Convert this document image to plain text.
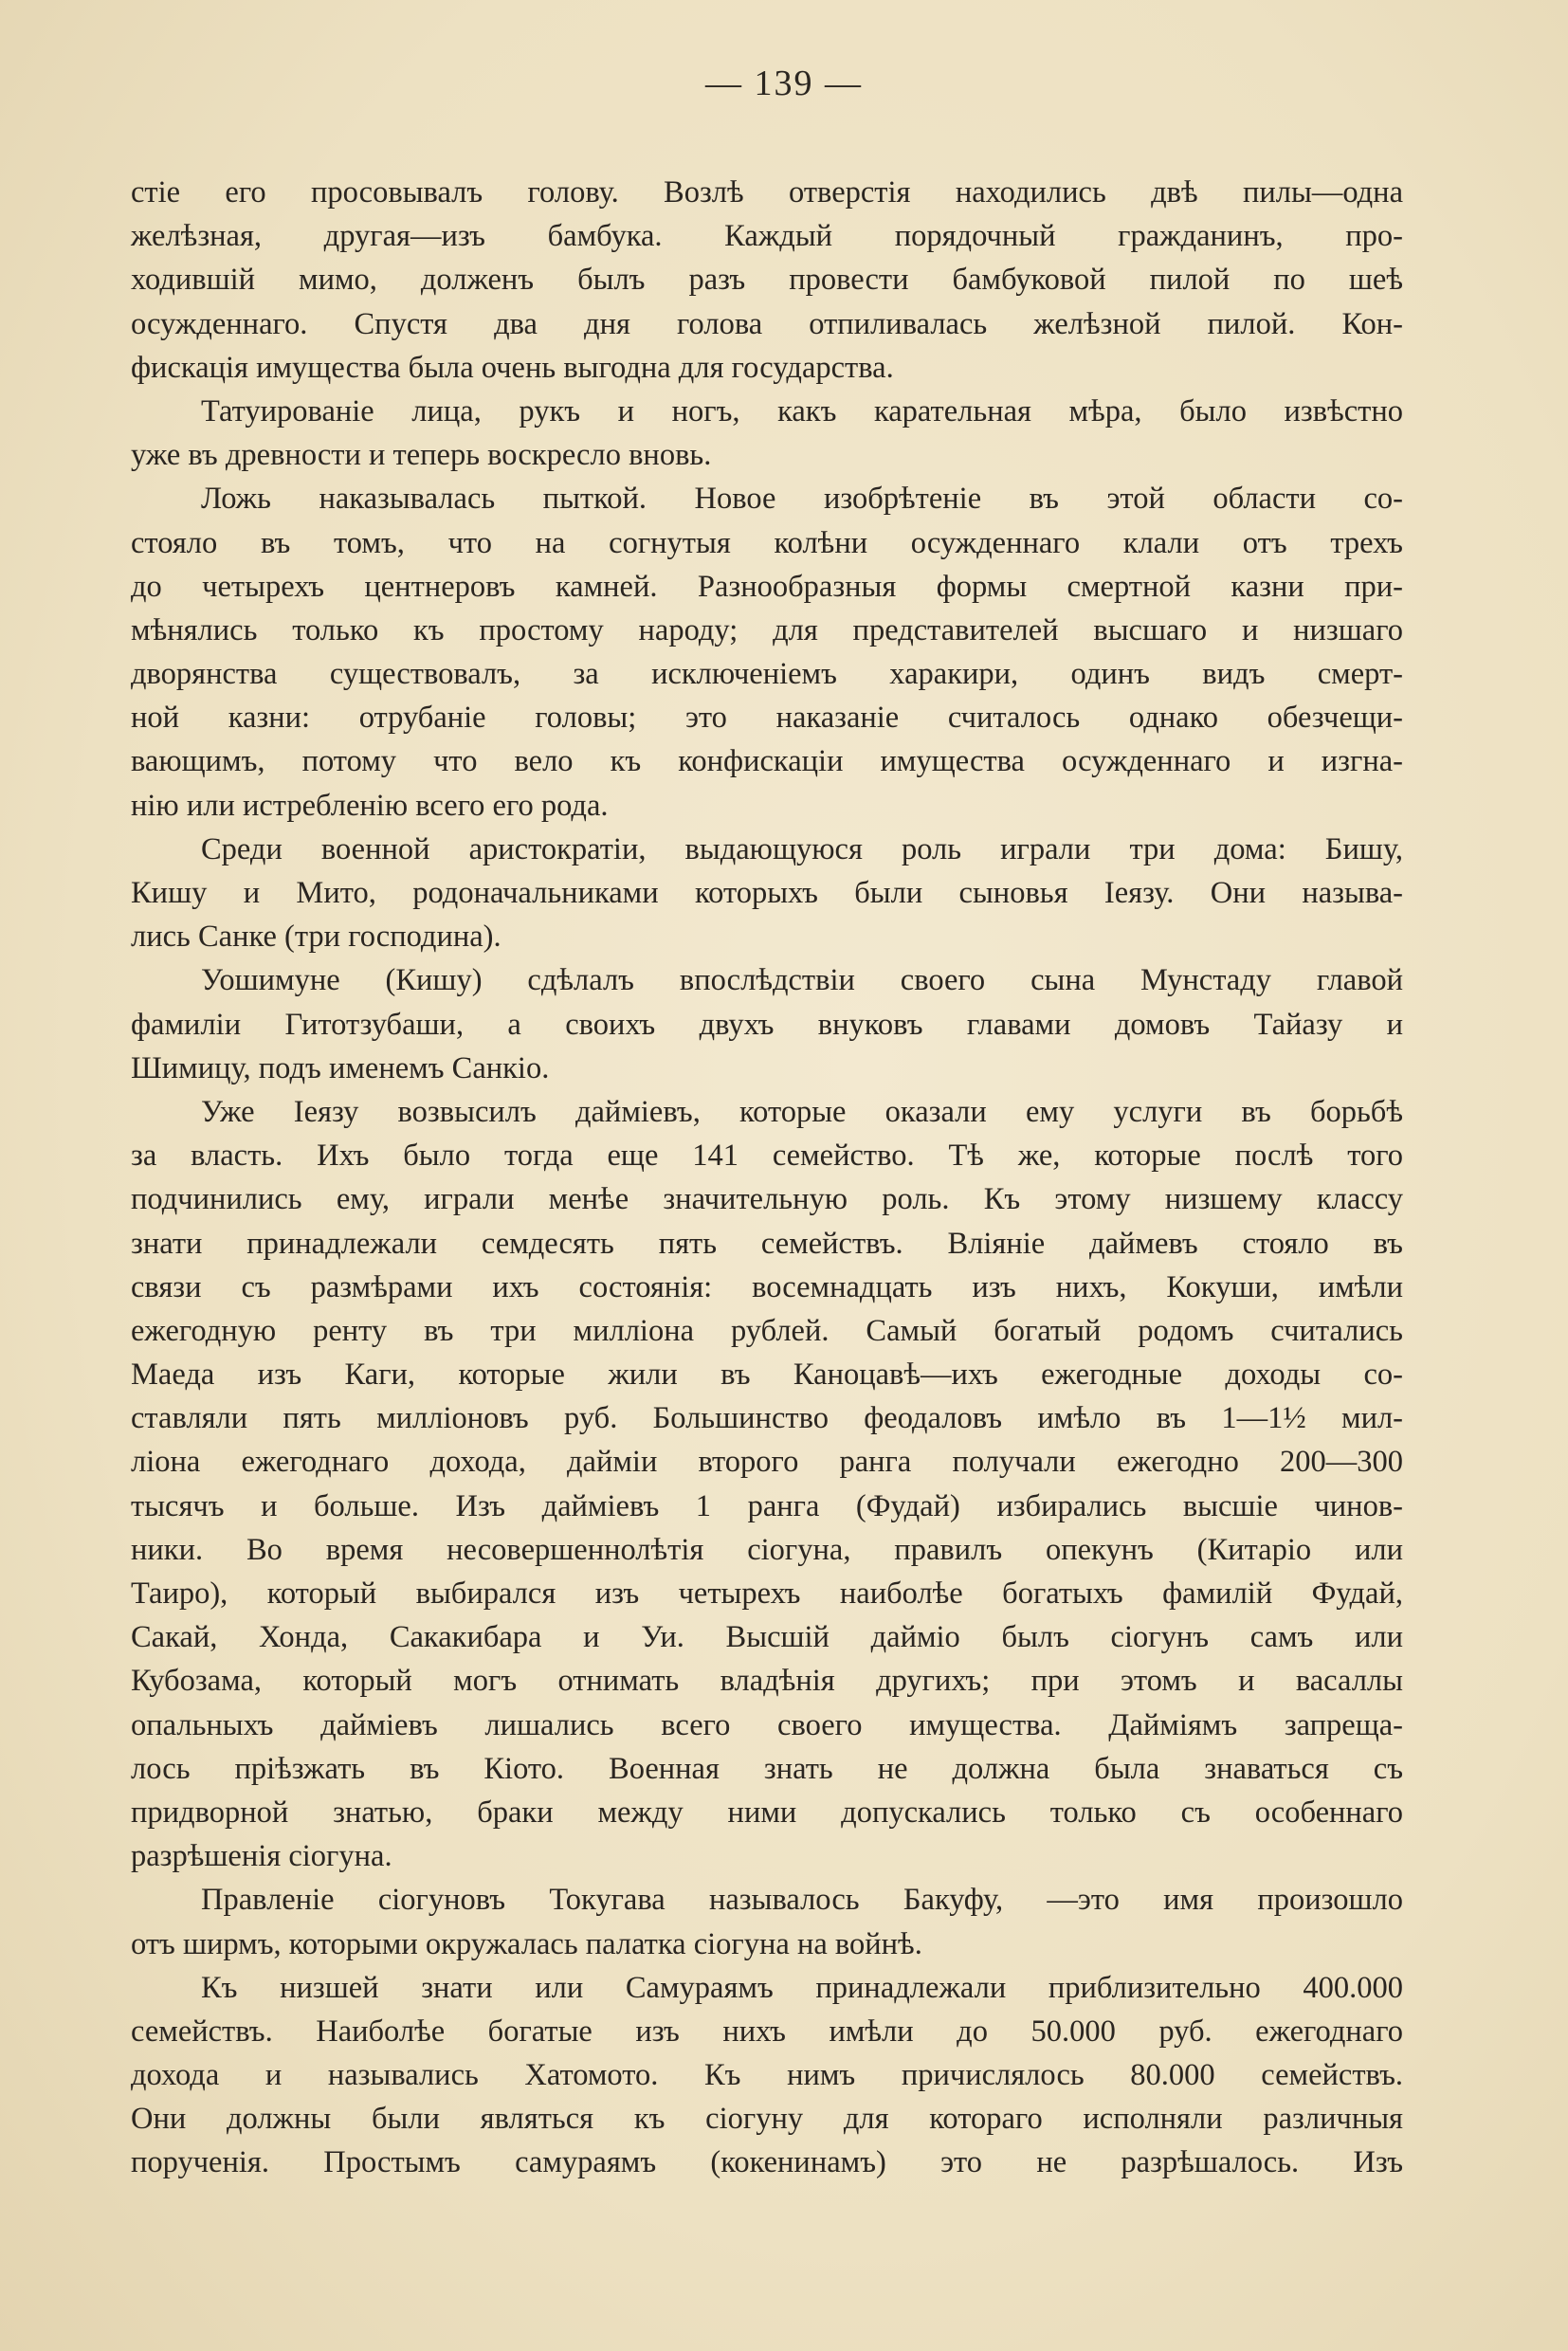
— 139 —
стіе его просовывалъ голову. Возлѣ отверстія находились двѣ пилы—одна
желѣзная, другая—изъ бамбука. Каждый порядочный гражданинъ, про-
ходившій мимо, долженъ былъ разъ провести бамбуковой пилой по шеѣ
осужденнаго. Спустя два дня голова отпиливалась желѣзной пилой. Кон-
фискація имущества была очень выгодна для государства.
Татуированіе лица, рукъ и ногъ, какъ карательная мѣра, было извѣстно
уже въ древности и теперь воскресло вновь.
Ложь наказывалась пыткой. Новое изобрѣтеніе въ этой области со-
стояло въ томъ, что на согнутыя колѣни осужденнаго клали отъ трехъ
до четырехъ центнеровъ камней. Разнообразныя формы смертной казни при-
мѣнялись только къ простому народу; для представителей высшаго и низшаго
дворянства существовалъ, за исключеніемъ харакири, одинъ видъ смерт-
ной казни: отрубаніе головы; это наказаніе считалось однако обезчещи-
вающимъ, потому что вело къ конфискаціи имущества осужденнаго и изгна-
нію или истребленію всего его рода.
Среди военной аристократіи, выдающуюся роль играли три дома: Бишу,
Кишу и Мито, родоначальниками которыхъ были сыновья Іеязу. Они называ-
лись Санке (три господина).
Уошимуне (Кишу) сдѣлалъ впослѣдствіи своего сына Мунстаду главой
фамиліи Гитотзубаши, а своихъ двухъ внуковъ главами домовъ Тайазу и
Шимицу, подъ именемъ Санкіо.
Уже Іеязу возвысилъ дайміевъ, которые оказали ему услуги въ борьбѣ
за власть. Ихъ было тогда еще 141 семейство. Тѣ же, которые послѣ того
подчинились ему, играли менѣе значительную роль. Къ этому низшему классу
знати принадлежали семдесять пять семействъ. Вліяніе даймевъ стояло въ
связи съ размѣрами ихъ состоянія: восемнадцать изъ нихъ, Кокуши, имѣли
ежегодную ренту въ три милліона рублей. Самый богатый родомъ считались
Маеда изъ Каги, которые жили въ Каноцавѣ—ихъ ежегодные доходы со-
ставляли пять милліоновъ руб. Большинство феодаловъ имѣло въ 1—1½ мил-
ліона ежегоднаго дохода, дайміи второго ранга получали ежегодно 200—300
тысячъ и больше. Изъ дайміевъ 1 ранга (Фудай) избирались высшіе чинов-
ники. Во время несовершеннолѣтія сіогуна, правилъ опекунъ (Китаріо или
Таиро), который выбирался изъ четырехъ наиболѣе богатыхъ фамилій Фудай,
Сакай, Хонда, Сакакибара и Уи. Высшій дайміо былъ сіогунъ самъ или
Кубозама, который могъ отнимать владѣнія другихъ; при этомъ и васаллы
опальныхъ дайміевъ лишались всего своего имущества. Дайміямъ запреща-
лось пріѣзжать въ Кіото. Военная знать не должна была знаваться съ
придворной знатью, браки между ними допускались только съ особеннаго
разрѣшенія сіогуна.
Правленіе сіогуновъ Токугава называлось Бакуфу, —это имя произошло
отъ ширмъ, которыми окружалась палатка сіогуна на войнѣ.
Къ низшей знати или Самураямъ принадлежали приблизительно 400.000
семействъ. Наиболѣе богатые изъ нихъ имѣли до 50.000 руб. ежегоднаго
дохода и назывались Хатомото. Къ нимъ причислялось 80.000 семействъ.
Они должны были являться къ сіогуну для котораго исполняли различныя
порученія. Простымъ самураямъ (кокенинамъ) это не разрѣшалось. Изъ
